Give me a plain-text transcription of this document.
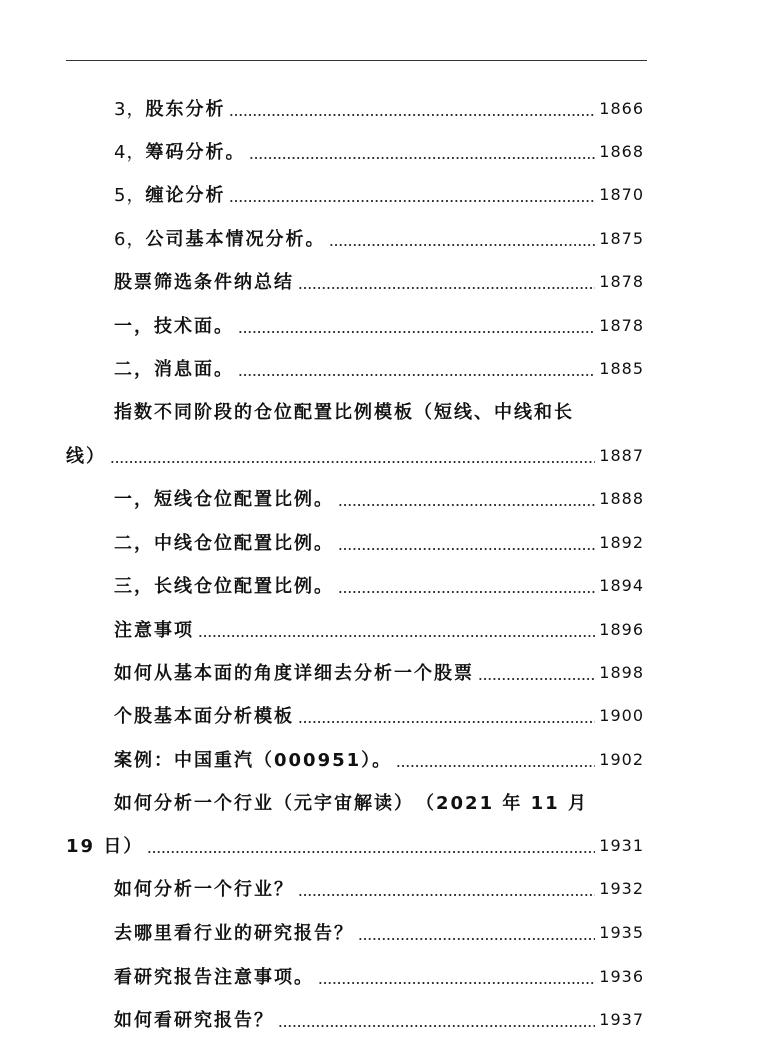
3， 股东分析	1866
4， 筹码分析。	1868
5， 缠论分析	1870
6， 公司基本情况分析。	1875
股票筛选条件纳总结	1878
一，技术面。	1878
二，消息面。	1885
指数不同阶段的仓位配置比例模板（短线、中线和长
线）	1887
一，短线仓位配置比例。	1888
二，中线仓位配置比例。	1892
三，长线仓位配置比例。	1894
注意事项	1896
如何从基本面的角度详细去分析一个股票	1898
个股基本面分析模板	1900
案例：中国重汽（000951）。	1902
如何分析一个行业（元宇宙解读）　（2021 年 11 月
19 日）	1931
如何分析一个行业？	1932
去哪里看行业的研究报告？	1935
看研究报告注意事项。	1936
如何看研究报告？	1937
